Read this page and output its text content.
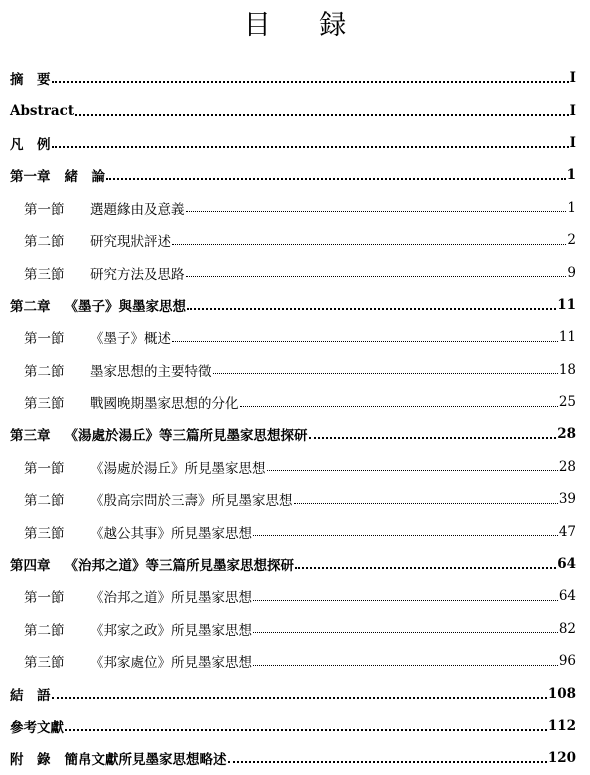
目 録
摘　要	I
Abstract	I
凡　例	I
第一章 緒　論	1
第一節	選題緣由及意義	1
第二節	研究現狀評述	2
第三節	研究方法及思路	9
第二章 《墨子》與墨家思想	11
第一節	《墨子》概述	11
第二節	墨家思想的主要特徵	18
第三節	戰國晚期墨家思想的分化	25
第三章 《湯處於湯丘》等三篇所見墨家思想探研	28
第一節	《湯處於湯丘》所見墨家思想	28
第二節	《殷高宗問於三壽》所見墨家思想	39
第三節	《越公其事》所見墨家思想	47
第四章 《治邦之道》等三篇所見墨家思想探研	64
第一節	《治邦之道》所見墨家思想	64
第二節	《邦家之政》所見墨家思想	82
第三節	《邦家處位》所見墨家思想	96
結　語	108
參考文獻	112
附　錄 簡帛文獻所見墨家思想略述	120
